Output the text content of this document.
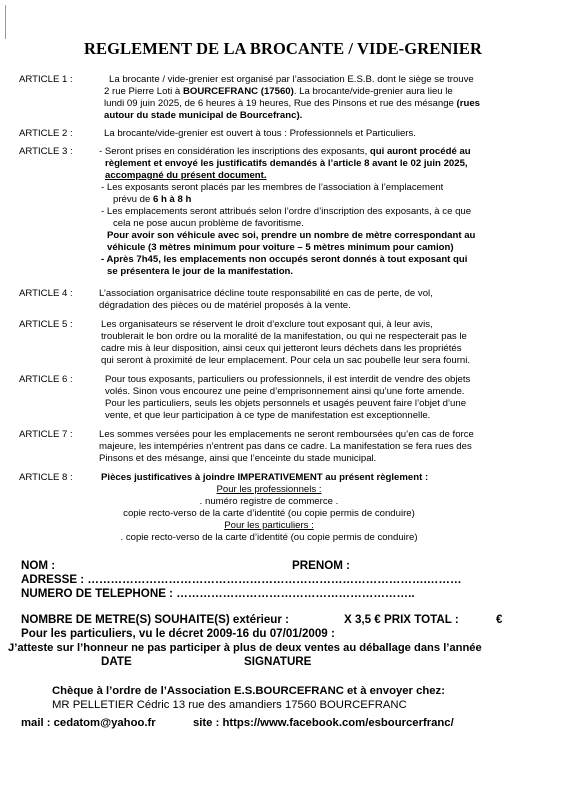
REGLEMENT DE LA BROCANTE / VIDE-GRENIER
ARTICLE 1 :	La brocante / vide-grenier est organisé par l’association E.S.B. dont le siège se trouve

2 rue Pierre Loti à BOURCEFRANC (17560). La brocante/vide-grenier aura lieu le

lundi 09 juin 2025, de 6 heures à 19 heures, Rue des Pinsons et rue des mésange (rues

autour du stade municipal de Bourcefranc).

ARTICLE 2 :	La brocante/vide-grenier est ouvert à tous : Professionnels et Particuliers.

ARTICLE 3 :	- Seront prises en considération les inscriptions des exposants, qui auront procédé au

règlement et envoyé les justificatifs demandés à l’article 8 avant le 02 juin 2025,

accompagné du présent document.

- Les exposants seront placés par les membres de l’association à l’emplacement

prévu de 6 h à 8 h

- Les emplacements seront attribués selon l’ordre d’inscription des exposants, à ce que

cela ne pose aucun problème de favoritisme.

Pour avoir son véhicule avec soi, prendre un nombre de mètre correspondant au

véhicule (3 mètres minimum pour voiture – 5 mètres minimum pour camion)

- Après 7h45, les emplacements non occupés seront donnés à tout exposant qui

se présentera le jour de la manifestation.

ARTICLE 4 :	L’association organisatrice décline toute responsabilité en cas de perte, de vol,

dégradation des pièces ou de matériel proposés à la vente.

ARTICLE 5 :	Les organisateurs se réservent le droit d’exclure tout exposant qui, à leur avis,

troublerait le bon ordre ou la moralité de la manifestation, ou qui ne respecterait pas le

cadre mis à leur disposition, ainsi ceux qui jetteront leurs déchets dans les propriétés

qui seront à proximité de leur emplacement. Pour cela un sac poubelle leur sera fourni.

ARTICLE 6 :	Pour tous exposants, particuliers ou professionnels, il est interdit de vendre des objets

volés. Sinon vous encourez une peine d’emprisonnement ainsi qu’une forte amende.

Pour les particuliers, seuls les objets personnels et usagés peuvent faire l’objet d’une

vente, et que leur participation à ce type de manifestation est exceptionnelle.

ARTICLE 7 :	Les sommes versées pour les emplacements ne seront remboursées qu’en cas de force

majeure, les intempéries n’entrent pas dans ce cadre. La manifestation se fera rues des

Pinsons et des mésange, ainsi que l’enceinte du stade municipal.

ARTICLE 8 :	Pièces justificatives à joindre IMPERATIVEMENT au présent règlement :

Pour les professionnels :

. numéro registre de commerce .

copie recto-verso de la carte d’identité (ou copie permis de conduire)

Pour les particuliers :

. copie recto-verso de la carte d’identité (ou copie permis de conduire)

NOM :	PRENOM :
ADRESSE : …………………………………………………………………………….………
NUMERO DE TELEPHONE : ……………………………………………………..
NOMBRE DE METRE(S) SOUHAITE(S) extérieur :	X 3,5 € PRIX TOTAL :	€
Pour les particuliers, vu le décret 2009-16 du 07/01/2009 :
J’atteste sur l’honneur ne pas participer à plus de deux ventes au déballage dans l’année
DATE	SIGNATURE
Chèque à l’ordre de l’Association E.S.BOURCEFRANC et à envoyer chez:
MR PELLETIER Cédric 13 rue des amandiers 17560 BOURCEFRANC
mail : cedatom@yahoo.fr	site : https://www.facebook.com/esbourcerfranc/
